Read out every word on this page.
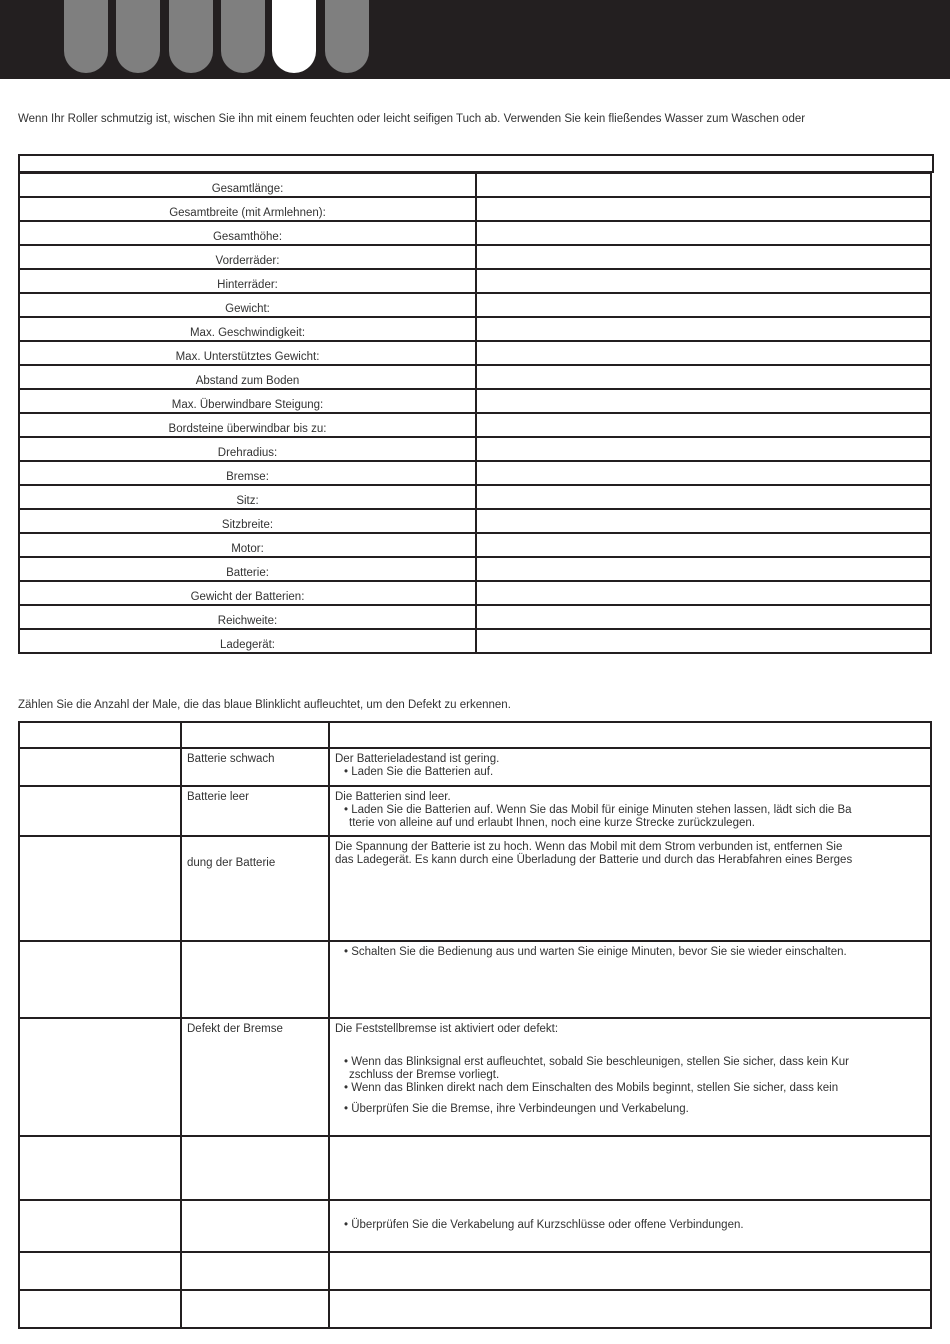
Wenn Ihr Roller schmutzig ist, wischen Sie ihn mit einem feuchten oder leicht seifigen Tuch ab. Verwenden Sie kein fließendes Wasser zum Waschen oder
Gesamtlänge:	
Gesamtbreite (mit Armlehnen):	
Gesamthöhe:	
Vorderräder:	
Hinterräder:	
Gewicht:	
Max. Geschwindigkeit:	
Max. Unterstütztes Gewicht:	
Abstand zum Boden	
Max. Überwindbare Steigung:	
Bordsteine überwindbar bis zu:	
Drehradius:	
Bremse:	
Sitz:	
Sitzbreite:	
Motor:	
Batterie:	
Gewicht der Batterien:	
Reichweite:	
Ladegerät:	
Zählen Sie die Anzahl der Male, die das blaue Blinklicht aufleuchtet, um den Defekt zu erkennen.

	Batterie schwach	Der Batterieladestand ist gering.
• Laden Sie die Batterien auf.

	Batterie leer	Die Batterien sind leer.
• Laden Sie die Batterien auf. Wenn Sie das Mobil für einige Minuten stehen lassen, lädt sich die Ba
tterie von alleine auf und erlaubt Ihnen, noch eine kurze Strecke zurückzulegen.

	dung der Batterie	Die Spannung der Batterie ist zu hoch. Wenn das Mobil mit dem Strom verbunden ist, entfernen Sie
das Ladegerät. Es kann durch eine Überladung der Batterie und durch das Herabfahren eines Berges

		• Schalten Sie die Bedienung aus und warten Sie einige Minuten, bevor Sie sie wieder einschalten.

	Defekt der Bremse	Die Feststellbremse ist aktiviert oder defekt:
• Wenn das Blinksignal erst aufleuchtet, sobald Sie beschleunigen, stellen Sie sicher, dass kein Kur
zschluss der Bremse vorliegt.
• Wenn das Blinken direkt nach dem Einschalten des Mobils beginnt, stellen Sie sicher, dass kein
• Überprüfen Sie die Bremse, ihre Verbindeungen und Verkabelung.

		• Überprüfen Sie die Verkabelung auf Kurzschlüsse oder offene Verbindungen.
